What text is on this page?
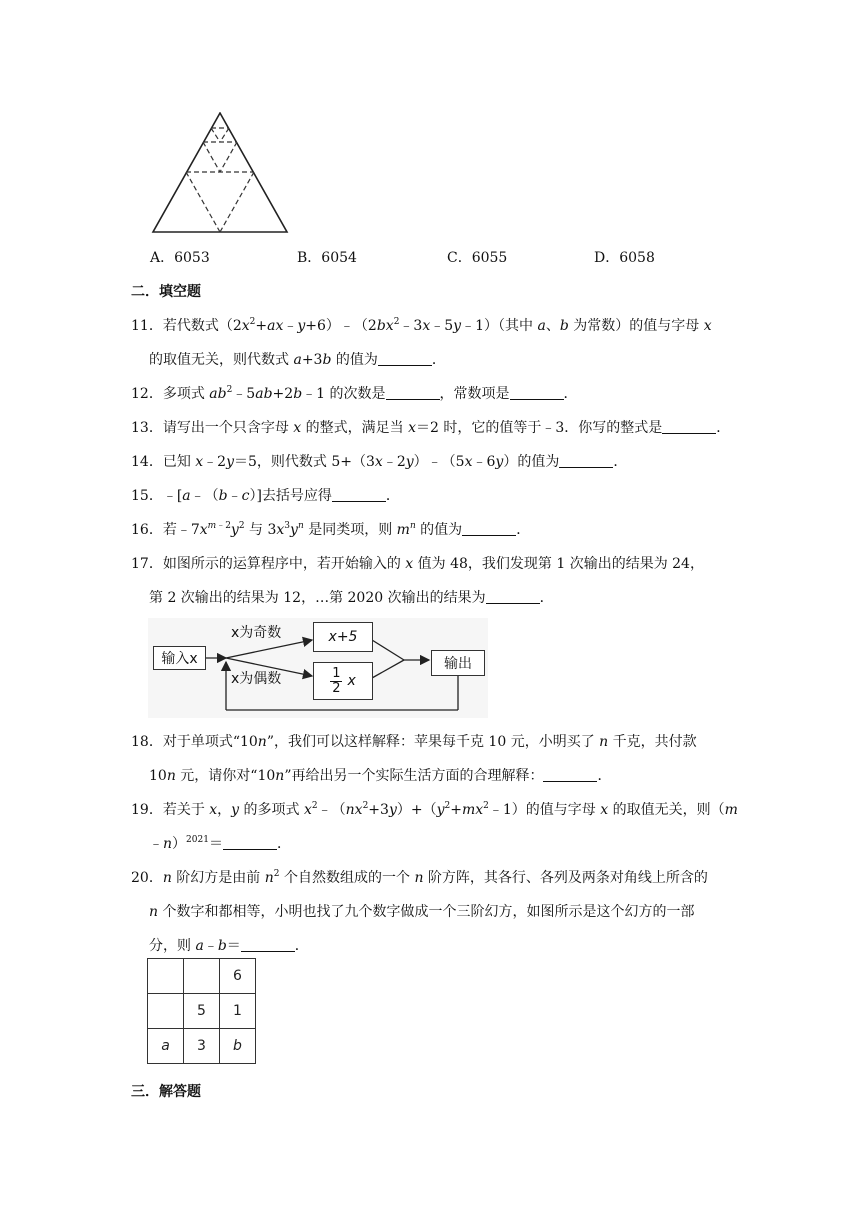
A．6053	B．6054	C．6055	D．6058
二．填空题
11．若代数式$(2x^2+ax﹣y+6)﹣(2bx^2﹣3x﹣5y﹣1)$（其中 a、b 为常数）的值与字母 x
的取值无关，则代数式 a+3b 的值为	．
12．多项式 $ab^2﹣5ab+2b﹣1$ 的次数是	，常数项是	．
13．请写出一个只含字母 x 的整式，满足当 x＝2 时，它的值等于﹣3．你写的整式是	．
14．已知 x﹣2y＝5，则代数式 5+（3x﹣2y）﹣（5x﹣6y）的值为	．
15．﹣[a﹣（b﹣c）]去括号应得	．
16．若$﹣7x^{m﹣2}y^2$ 与 $3x^3y^n$ 是同类项，则 $m^n$ 的值为	．
17．如图所示的运算程序中，若开始输入的 x 值为 48，我们发现第 1 次输出的结果为 24，
第 2 次输出的结果为 12，…第 2020 次输出的结果为	．
输入x
x为奇数
x为偶数
x+5
$\frac{1}{2}$ x
输出
18．对于单项式“10n”，我们可以这样解释：苹果每千克 10 元，小明买了 n 千克，共付款
10n 元，请你对“10n”再给出另一个实际生活方面的合理解释：	．
19．若关于 x，y 的多项式 $x^2﹣(nx^2+3y)+(y^2+mx^2﹣1)$的值与字母 x 的取值无关，则（m
﹣n）$^{2021}$＝	．
20．n 阶幻方是由前 $n^2$ 个自然数组成的一个 n 阶方阵，其各行、各列及两条对角线上所含的
n 个数字和都相等，小明也找了九个数字做成一个三阶幻方，如图所示是这个幻方的一部
分，则 a﹣b＝	．
		6
	5	1
a	3	b
三．解答题
